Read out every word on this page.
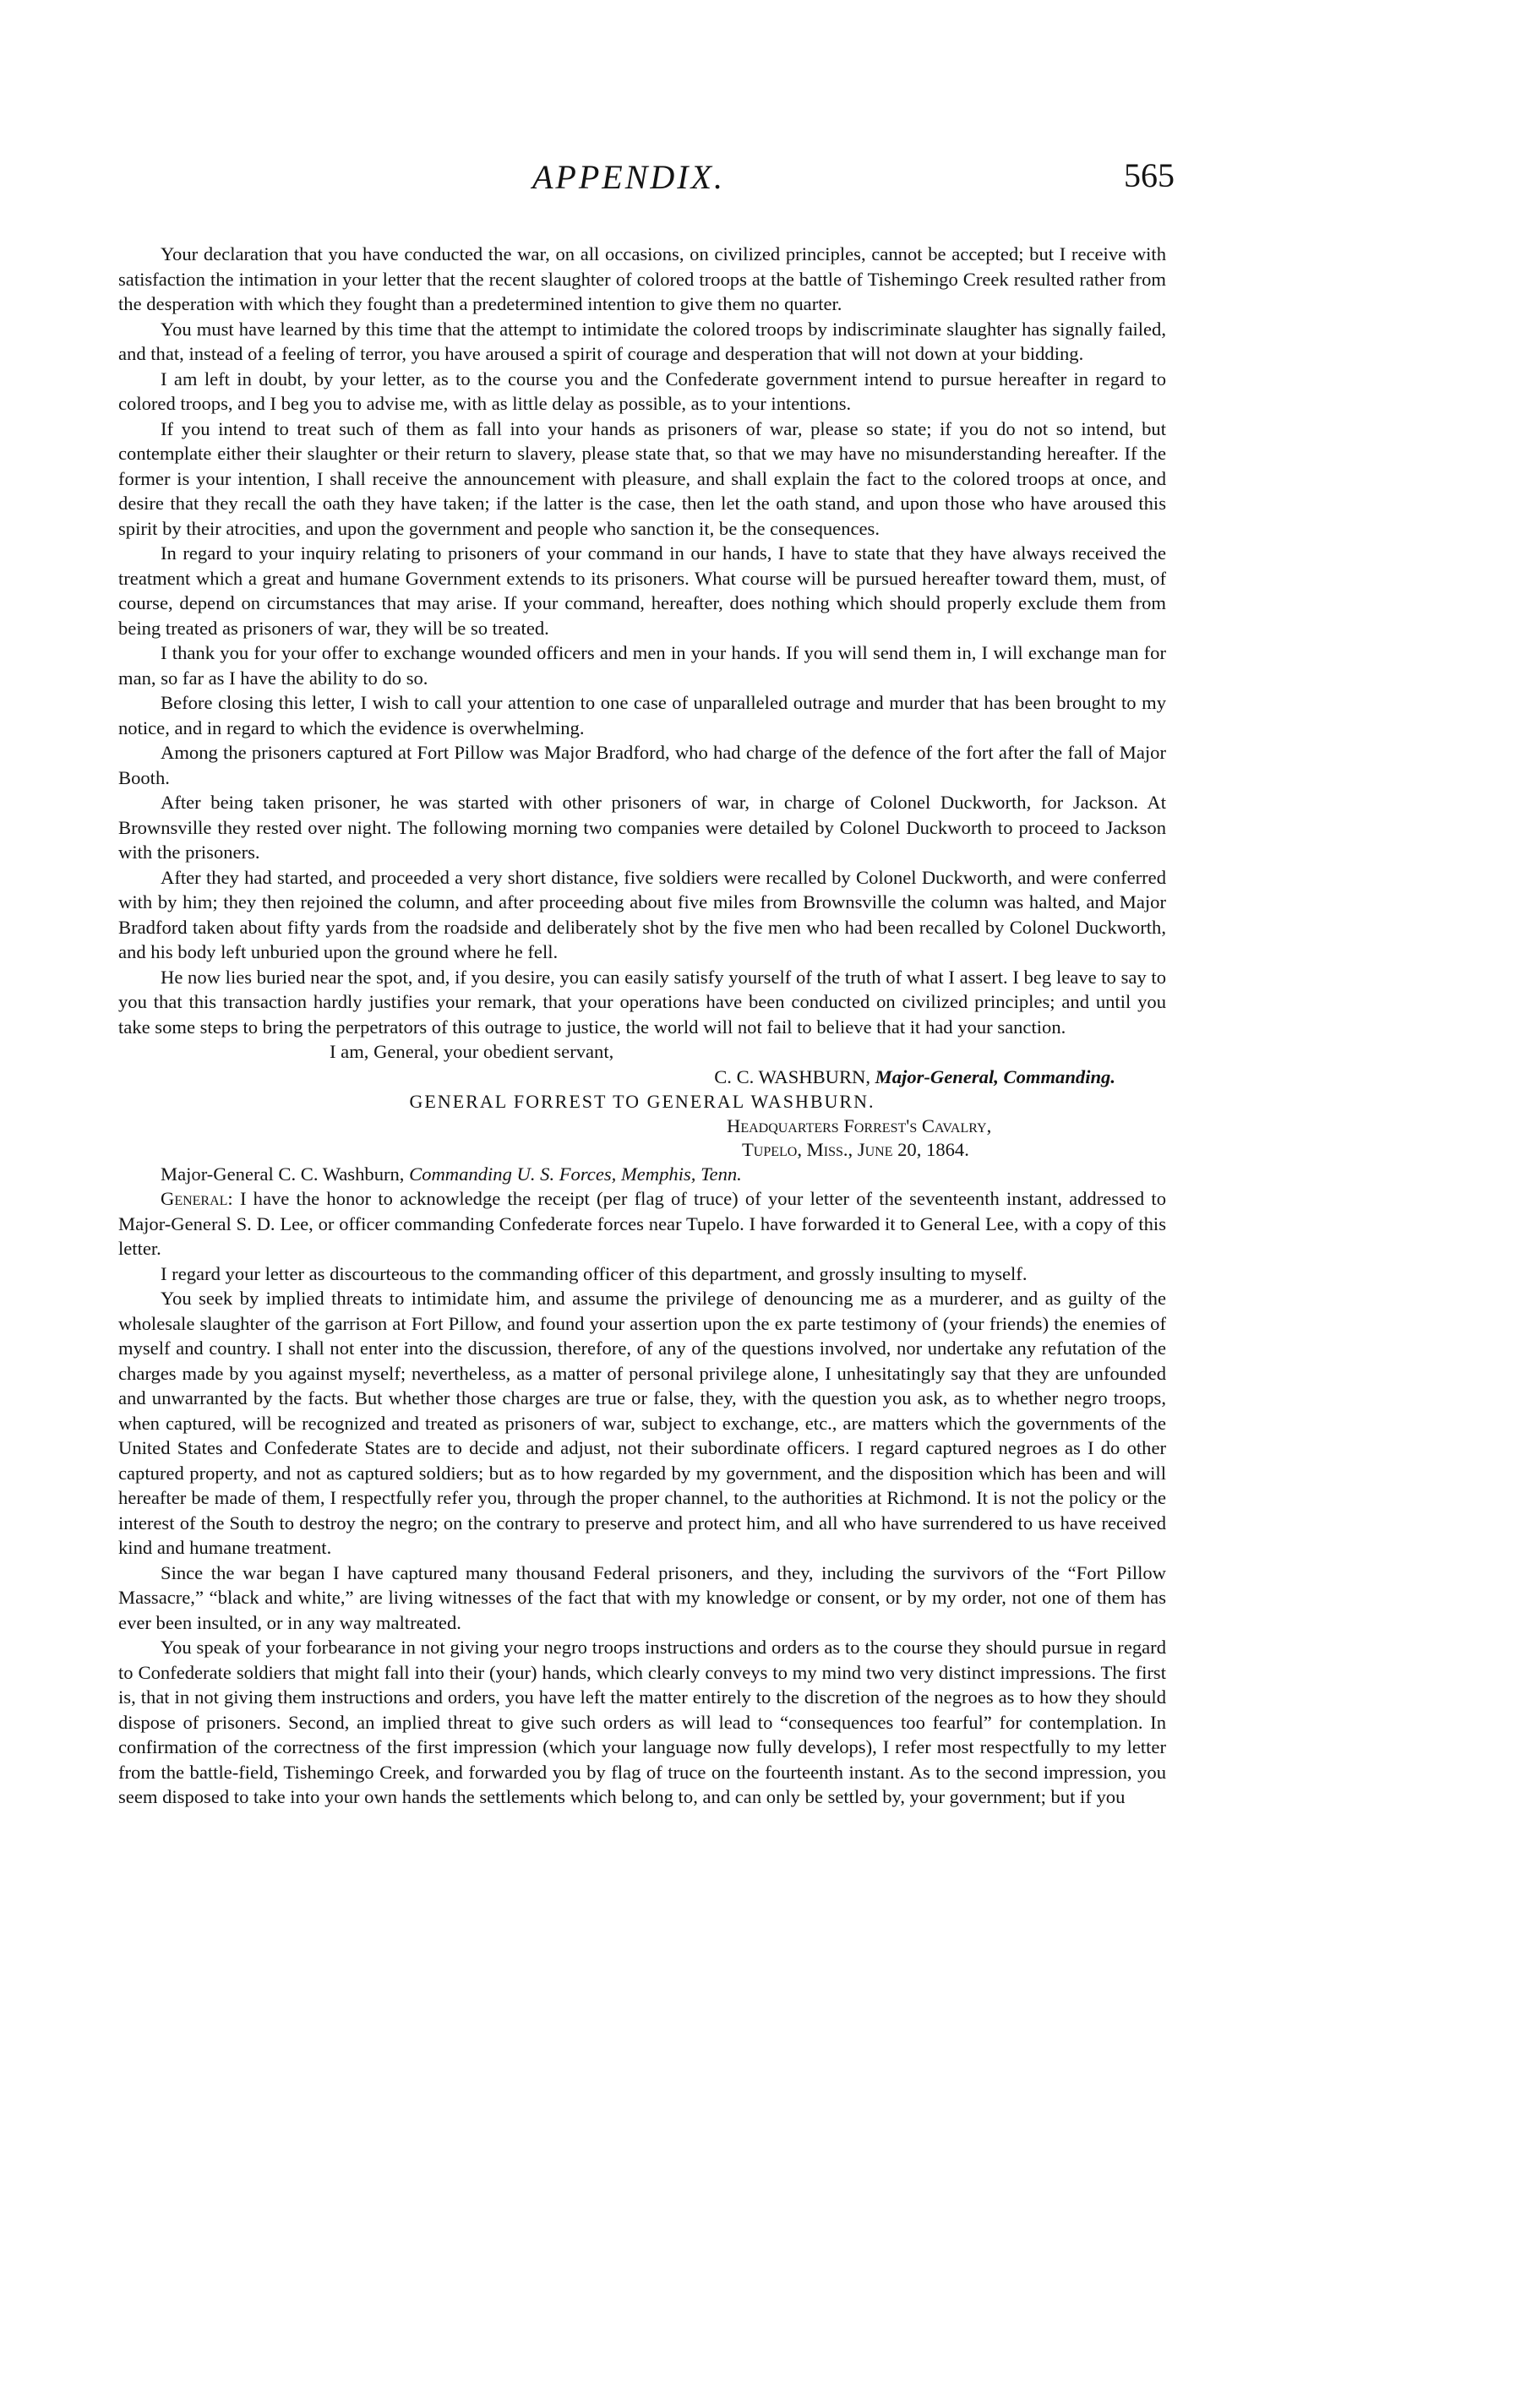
APPENDIX.	565

Your declaration that you have conducted the war, on all occasions, on civilized principles, cannot be accepted; but I receive with satisfaction the intimation in your letter that the recent slaughter of colored troops at the battle of Tishemingo Creek resulted rather from the desperation with which they fought than a predetermined intention to give them no quarter.

You must have learned by this time that the attempt to intimidate the colored troops by indiscriminate slaughter has signally failed, and that, instead of a feeling of terror, you have aroused a spirit of courage and desperation that will not down at your bidding.

I am left in doubt, by your letter, as to the course you and the Confederate government intend to pursue hereafter in regard to colored troops, and I beg you to advise me, with as little delay as possible, as to your intentions.

If you intend to treat such of them as fall into your hands as prisoners of war, please so state; if you do not so intend, but contemplate either their slaughter or their return to slavery, please state that, so that we may have no misunderstanding hereafter. If the former is your intention, I shall receive the announcement with pleasure, and shall explain the fact to the colored troops at once, and desire that they recall the oath they have taken; if the latter is the case, then let the oath stand, and upon those who have aroused this spirit by their atrocities, and upon the government and people who sanction it, be the consequences.

In regard to your inquiry relating to prisoners of your command in our hands, I have to state that they have always received the treatment which a great and humane Government extends to its prisoners. What course will be pursued hereafter toward them, must, of course, depend on circumstances that may arise. If your command, hereafter, does nothing which should properly exclude them from being treated as prisoners of war, they will be so treated.

I thank you for your offer to exchange wounded officers and men in your hands. If you will send them in, I will exchange man for man, so far as I have the ability to do so.

Before closing this letter, I wish to call your attention to one case of unparalleled outrage and murder that has been brought to my notice, and in regard to which the evidence is overwhelming.

Among the prisoners captured at Fort Pillow was Major Bradford, who had charge of the defence of the fort after the fall of Major Booth.

After being taken prisoner, he was started with other prisoners of war, in charge of Colonel Duckworth, for Jackson. At Brownsville they rested over night. The following morning two companies were detailed by Colonel Duckworth to proceed to Jackson with the prisoners.

After they had started, and proceeded a very short distance, five soldiers were recalled by Colonel Duckworth, and were conferred with by him; they then rejoined the column, and after proceeding about five miles from Brownsville the column was halted, and Major Bradford taken about fifty yards from the roadside and deliberately shot by the five men who had been recalled by Colonel Duckworth, and his body left unburied upon the ground where he fell.

He now lies buried near the spot, and, if you desire, you can easily satisfy yourself of the truth of what I assert. I beg leave to say to you that this transaction hardly justifies your remark, that your operations have been conducted on civilized principles; and until you take some steps to bring the perpetrators of this outrage to justice, the world will not fail to believe that it had your sanction.

I am, General, your obedient servant,

C. C. WASHBURN, Major-General, Commanding.

GENERAL FORREST TO GENERAL WASHBURN.

Headquarters Forrest's Cavalry,
Tupelo, Miss., June 20, 1864.

Major-General C. C. Washburn, Commanding U. S. Forces, Memphis, Tenn.

General: I have the honor to acknowledge the receipt (per flag of truce) of your letter of the seventeenth instant, addressed to Major-General S. D. Lee, or officer commanding Confederate forces near Tupelo. I have forwarded it to General Lee, with a copy of this letter.

I regard your letter as discourteous to the commanding officer of this department, and grossly insulting to myself.

You seek by implied threats to intimidate him, and assume the privilege of denouncing me as a murderer, and as guilty of the wholesale slaughter of the garrison at Fort Pillow, and found your assertion upon the ex parte testimony of (your friends) the enemies of myself and country. I shall not enter into the discussion, therefore, of any of the questions involved, nor undertake any refutation of the charges made by you against myself; nevertheless, as a matter of personal privilege alone, I unhesitatingly say that they are unfounded and unwarranted by the facts. But whether those charges are true or false, they, with the question you ask, as to whether negro troops, when captured, will be recognized and treated as prisoners of war, subject to exchange, etc., are matters which the governments of the United States and Confederate States are to decide and adjust, not their subordinate officers. I regard captured negroes as I do other captured property, and not as captured soldiers; but as to how regarded by my government, and the disposition which has been and will hereafter be made of them, I respectfully refer you, through the proper channel, to the authorities at Richmond. It is not the policy or the interest of the South to destroy the negro; on the contrary to preserve and protect him, and all who have surrendered to us have received kind and humane treatment.

Since the war began I have captured many thousand Federal prisoners, and they, including the survivors of the “Fort Pillow Massacre,” “black and white,” are living witnesses of the fact that with my knowledge or consent, or by my order, not one of them has ever been insulted, or in any way maltreated.

You speak of your forbearance in not giving your negro troops instructions and orders as to the course they should pursue in regard to Confederate soldiers that might fall into their (your) hands, which clearly conveys to my mind two very distinct impressions. The first is, that in not giving them instructions and orders, you have left the matter entirely to the discretion of the negroes as to how they should dispose of prisoners. Second, an implied threat to give such orders as will lead to “consequences too fearful” for contemplation. In confirmation of the correctness of the first impression (which your language now fully develops), I refer most respectfully to my letter from the battle-field, Tishemingo Creek, and forwarded you by flag of truce on the fourteenth instant. As to the second impression, you seem disposed to take into your own hands the settlements which belong to, and can only be settled by, your government; but if you
